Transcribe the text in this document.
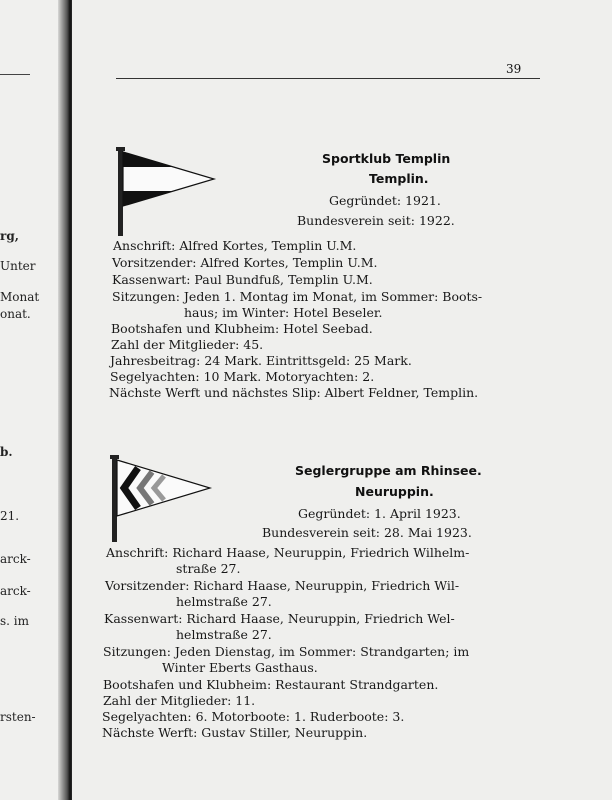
rg,
Unter
Monat
onat.
b.
21.
arck-
arck-
s. im
rsten-
39
Sportklub Templin
Templin.
Gegründet: 1921.
Bundesverein seit: 1922.
Anschrift: Alfred Kortes, Templin U.M.
Vorsitzender: Alfred Kortes, Templin U.M.
Kassenwart: Paul Bundfuß, Templin U.M.
Sitzungen: Jeden 1. Montag im Monat, im Sommer: Boots-
haus; im Winter: Hotel Beseler.
Bootshafen und Klubheim: Hotel Seebad.
Zahl der Mitglieder: 45.
Jahresbeitrag: 24 Mark. Eintrittsgeld: 25 Mark.
Segelyachten: 10 Mark. Motoryachten: 2.
Nächste Werft und nächstes Slip: Albert Feldner, Templin.
Seglergruppe am Rhinsee.
Neuruppin.
Gegründet: 1. April 1923.
Bundesverein seit: 28. Mai 1923.
Anschrift: Richard Haase, Neuruppin, Friedrich Wilhelm-
straße 27.
Vorsitzender: Richard Haase, Neuruppin, Friedrich Wil-
helmstraße 27.
Kassenwart: Richard Haase, Neuruppin, Friedrich Wel-
helmstraße 27.
Sitzungen: Jeden Dienstag, im Sommer: Strandgarten; im
Winter Eberts Gasthaus.
Bootshafen und Klubheim: Restaurant Strandgarten.
Zahl der Mitglieder: 11.
Segelyachten: 6. Motorboote: 1. Ruderboote: 3.
Nächste Werft: Gustav Stiller, Neuruppin.
